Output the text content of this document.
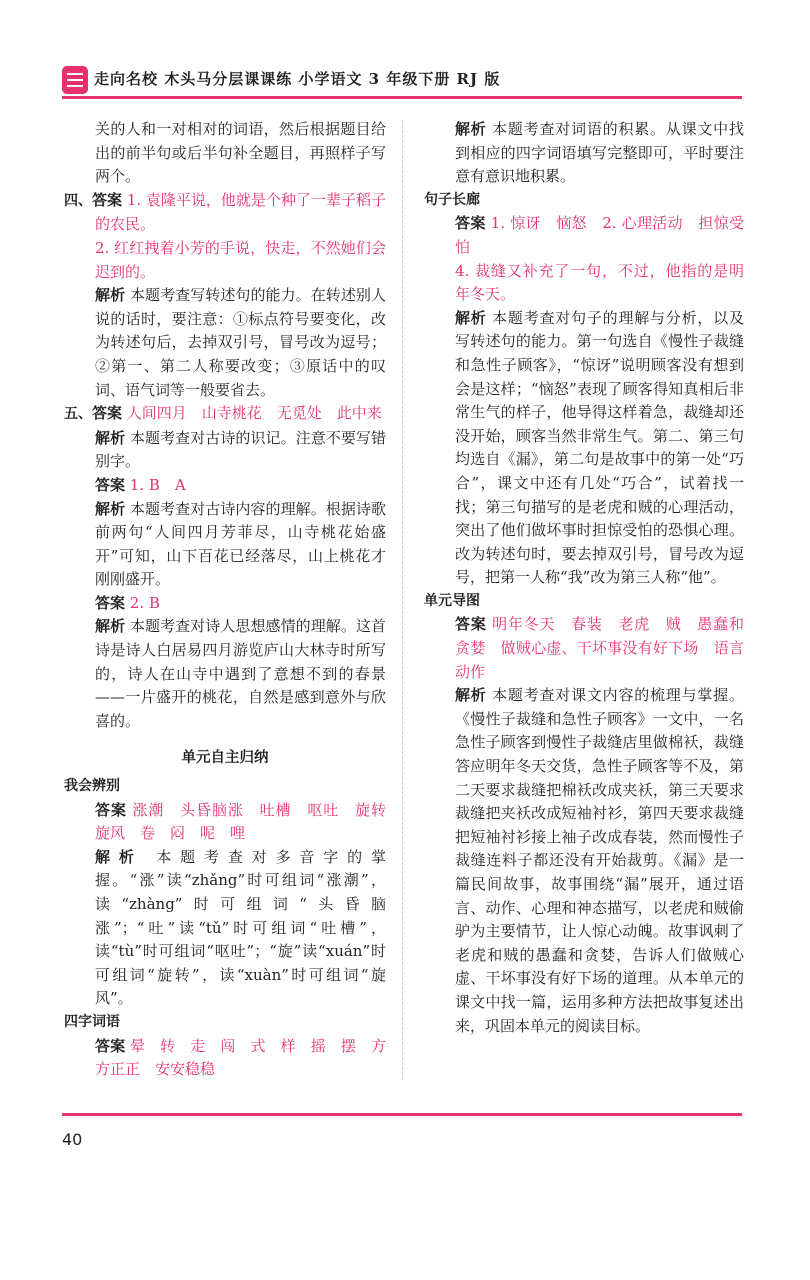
走向名校 木头马分层课课练 小学语文 3 年级下册 RJ 版

关的人和一对相对的词语，然后根据题目给出的前半句或后半句补全题目，再照样子写两个。

四、答案 1. 袁隆平说，他就是个种了一辈子稻子的农民。

2. 红红拽着小芳的手说，快走，不然她们会迟到的。

解析 本题考查写转述句的能力。在转述别人说的话时，要注意：①标点符号要变化，改为转述句后，去掉双引号，冒号改为逗号；②第一、第二人称要改变；③原话中的叹词、语气词等一般要省去。

五、答案 人间四月　山寺桃花　无觅处　此中来

解析 本题考查对古诗的识记。注意不要写错别字。

答案 1. B　A

解析 本题考查对古诗内容的理解。根据诗歌前两句“人间四月芳菲尽，山寺桃花始盛开”可知，山下百花已经落尽，山上桃花才刚刚盛开。

答案 2. B

解析 本题考查对诗人思想感情的理解。这首诗是诗人白居易四月游览庐山大林寺时所写的，诗人在山寺中遇到了意想不到的春景——一片盛开的桃花，自然是感到意外与欣喜的。

单元自主归纳

我会辨别

答案 涨潮　头昏脑涨　吐槽　呕吐　旋转　旋风　卷　闷　呢　哩

解析 本题考查对多音字的掌握。“涨”读“zhǎng”时可组词“涨潮”，读“zhàng”时可组词“头昏脑涨”；“吐”读“tǔ”时可组词“吐槽”，读“tù”时可组词“呕吐”；“旋”读“xuán”时可组词“旋转”，读“xuàn”时可组词“旋风”。

四字词语

答案 晕　转　走　闯　式　样　摇　摆　方方正正　安安稳稳

解析 本题考查对词语的积累。从课文中找到相应的四字词语填写完整即可，平时要注意有意识地积累。

句子长廊

答案 1. 惊讶　恼怒　2. 心理活动　担惊受怕

4. 裁缝又补充了一句，不过，他指的是明年冬天。

解析 本题考查对句子的理解与分析，以及写转述句的能力。第一句选自《慢性子裁缝和急性子顾客》，“惊讶”说明顾客没有想到会是这样；“恼怒”表现了顾客得知真相后非常生气的样子，他导得这样着急，裁缝却还没开始，顾客当然非常生气。第二、第三句均选自《漏》，第二句是故事中的第一处“巧合”，课文中还有几处“巧合”，试着找一找；第三句描写的是老虎和贼的心理活动，突出了他们做坏事时担惊受怕的恐惧心理。改为转述句时，要去掉双引号，冒号改为逗号，把第一人称“我”改为第三人称“他”。

单元导图

答案 明年冬天　春装　老虎　贼　愚蠢和贪婪　做贼心虚、干坏事没有好下场　语言　动作

解析 本题考查对课文内容的梳理与掌握。《慢性子裁缝和急性子顾客》一文中，一名急性子顾客到慢性子裁缝店里做棉袄，裁缝答应明年冬天交货，急性子顾客等不及，第二天要求裁缝把棉袄改成夹袄，第三天要求裁缝把夹袄改成短袖衬衫，第四天要求裁缝把短袖衬衫接上袖子改成春装，然而慢性子裁缝连料子都还没有开始裁剪。《漏》是一篇民间故事，故事围绕“漏”展开，通过语言、动作、心理和神态描写，以老虎和贼偷驴为主要情节，让人惊心动魄。故事讽刺了老虎和贼的愚蠢和贪婪，告诉人们做贼心虚、干坏事没有好下场的道理。从本单元的课文中找一篇，运用多种方法把故事复述出来，巩固本单元的阅读目标。

40
